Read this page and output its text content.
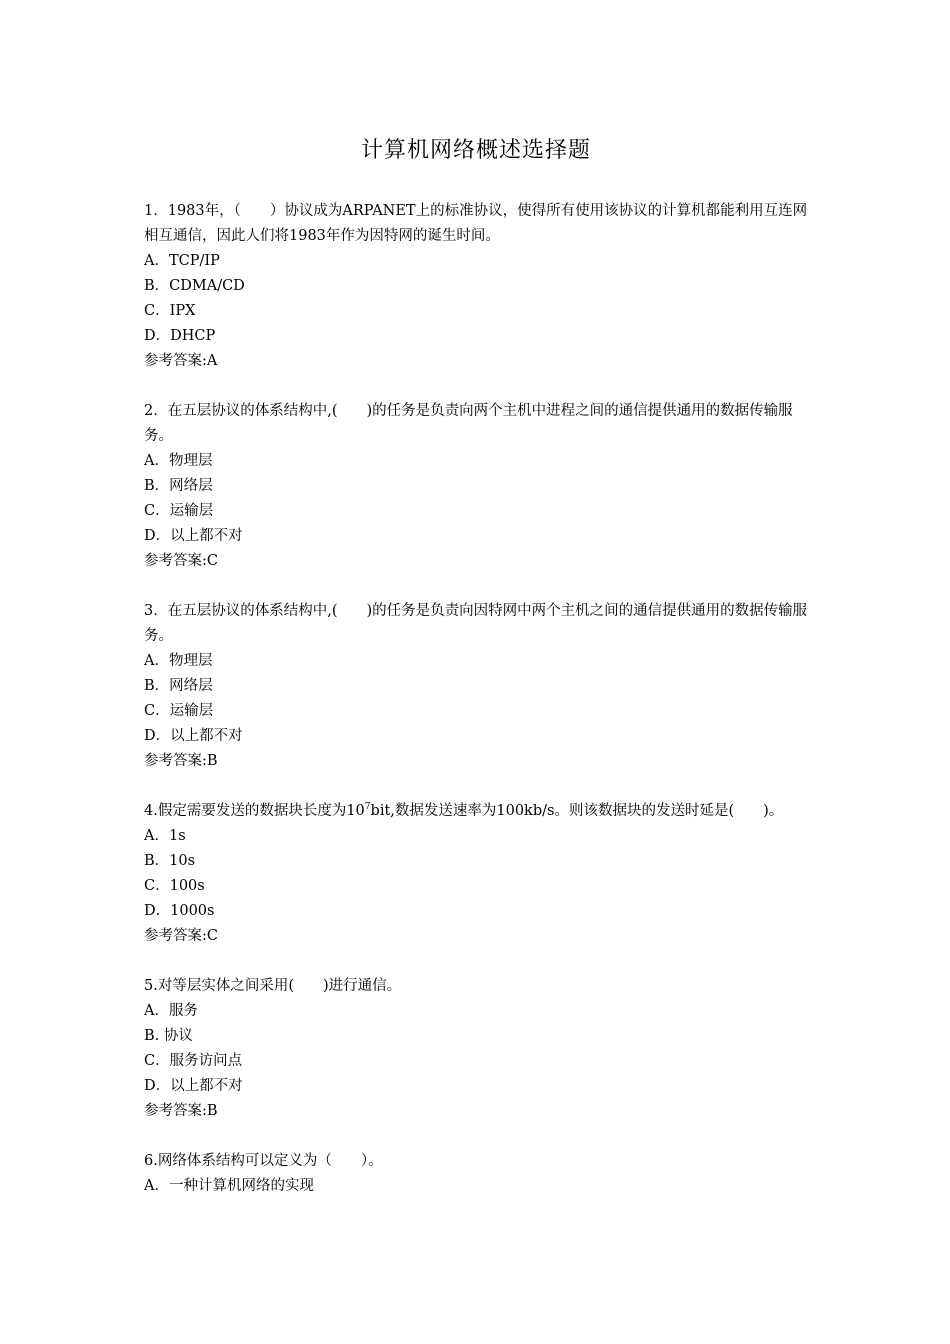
计算机网络概述选择题

1．1983年，（　　）协议成为ARPANET上的标准协议，使得所有使用该协议的计算机都能利用互连网相互通信，因此人们将1983年作为因特网的诞生时间。

A．TCP/IP

B．CDMA/CD

C．IPX

D．DHCP

参考答案:A

2．在五层协议的体系结构中,(　　)的任务是负责向两个主机中进程之间的通信提供通用的数据传输服务。

A．物理层

B．网络层

C．运输层

D．以上都不对

参考答案:C

3．在五层协议的体系结构中,(　　)的任务是负责向因特网中两个主机之间的通信提供通用的数据传输服务。

A．物理层

B．网络层

C．运输层

D．以上都不对

参考答案:B

4.假定需要发送的数据块长度为$10^7bit$,数据发送速率为100kb/s。则该数据块的发送时延是(　　)。

A．1s

B．10s

C．100s

D．1000s

参考答案:C

5.对等层实体之间采用(　　)进行通信。

A．服务

B. 协议

C．服务访问点

D．以上都不对

参考答案:B

6.网络体系结构可以定义为（　　）。

A．一种计算机网络的实现
